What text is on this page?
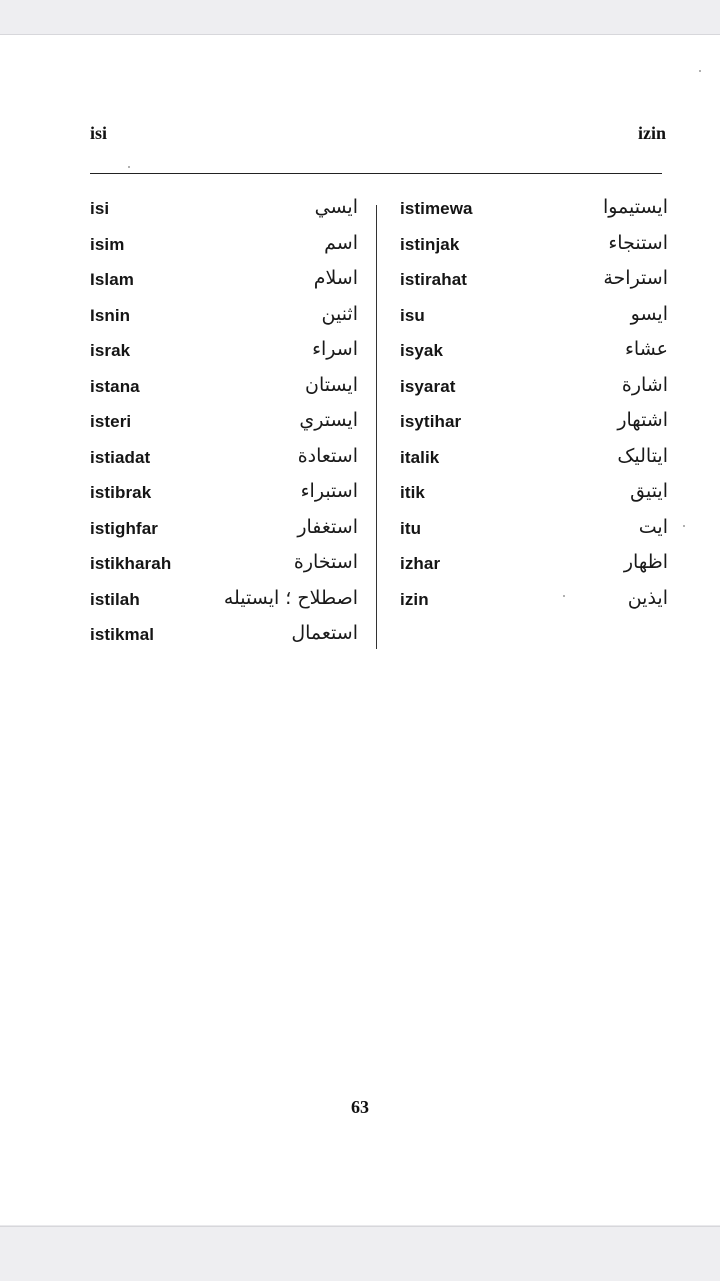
isi	izin
isi	ايسي
isim	اسم
Islam	اسلام
Isnin	اثنين
israk	اسراء
istana	ايستان
isteri	ايستري
istiadat	استعادة
istibrak	استبراء
istighfar	استغفار
istikharah	استخارة
istilah	اصطلاح ؛ ايستيله
istikmal	استعمال
istimewa	ايستيموا
istinjak	استنجاء
istirahat	استراحة
isu	ايسو
isyak	عشاء
isyarat	اشارة
isytihar	اشتهار
italik	ايتاليک
itik	ايتيق
itu	ايت
izhar	اظهار
izin	ايذين
63
